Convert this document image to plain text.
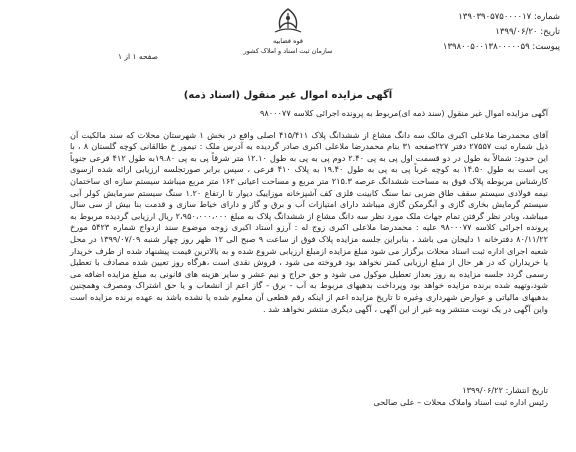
شماره: ۱۳۹۰۳۹۰۵۷۵۰۰۰۰۱۷
تاریخ: ۱۳۹۹/۰۶/۲۰
پیوست: ۱۳۹۸۰۰۵۰۰۱۳۸۰۰۰۰۰۵۹
قوه قضاییه
سازمان ثبت اسناد و املاک کشور
صفحه ۱ از ۱
آگهی مزایده اموال غیر منقول (اسناد ذمه)

آگهی مزایده اموال غیر منقول (سند ذمه ای)مربوط به پرونده اجرائی کلاسه ۹۸۰۰۰۷۷

آقای محمدرضا ملاعلی اکبری مالک سه دانگ مشاع از ششدانگ پلاک ۴۱۵/۴۱۱ اصلی واقع در بخش ۱ شهرستان محلات که سند مالکیت آن ذیل شماره ثبت ۲۷۵۵۷ دفتر ۲۲۷صفحه ۳۱ بنام محمدرضا ملاعلی اکبری صادر گردیده به آدرس ملک : تیمور خ طالقانی کوچه گلستان ۸ ، با این حدود: شمالاً به طول در دو قسمت اول پی به پی ۲.۴۰ دوم پی به پی به طول ۱۲.۱۰ متر شرقاً پی به پی ۱۹.۸۰به طول ۴۱۲ قرعی جنوباً پی است به طول ۱۴.۵۰ به کوچه غرباً پی به پی به طول ۱۹.۴۰ به پلاک ۴۱۰ فرعی ، سپس برابر صورتجلسه ارزیابی ارائه شده ازسوی کارشناس مربوطه پلاک فوق به مساحت ششدانگ عرصه ۲۱۵.۳ متر مربع و مساحت اعیانی ۱۶۲ متر مربع میباشد سیستم سازه ای ساختمان نیمه فولادی سیستم سقف طاق ضربی نما سنگ کابینت فلزی کف آشپزخانه موزاییک دیوار تا ارتفاع ۱.۲۰ سنگ سیستم سرمایش کولر آبی سیستم گرمایش بخاری گازی و آبگرمکن گازی میباشد دارای امتیازات آب و برق و گاز و دارای خیاط سازی و قدمت بنا بیش از سی سال میباشد، وبادر نظر گرفتن تمام جهات ملک مورد نظر سه دانگ مشاع از ششدانگ پلاک به مبلغ ۲،۹۵۰،۰۰۰،۰۰۰ ریال ارزیابی گردیده مربوط به پرونده اجرائی کلاسه ۹۸۰۰۰۷۷ علیه : محمدرضا ملاعلی اکبری زوج له : آرزو استاد اکبری زوجه موضوع سند ازدواج شماره ۵۴۲۳ مورخ ۸۰/۱۱/۲۲ دفترخانه ۱ دلیجان می باشد ، بنابراین جلسه مزایده پلاک فوق از ساعت ۹ صبح الی ۱۲ ظهر روز چهار شنبه ۱۳۹۹/۰۷/۰۹ در محل شعبه اجرای اداره ثبت اسناد محلات برگزار می شود مبلغ مزایده ازمبلغ ارزیابی شروع شده و به بالاترین قیمت پیشنهاد شده از طرف خریدار یا خریداران که در هر حال از مبلغ ارزیابی کمتر نخواهد بود فروخته می شود ، فروش نقدی است ،هرگاه روز تعیین شده مصادف با تعطیل رسمی گردد جلسه مزایده به روز بعداز تعطیل موکول می شود و حق حراج و نیم عشر و سایر هزینه های قانونی به مبلغ مزایده اضافه می شود،وتهیه شده برنده مزایده خواهد بود وپرداخت بدهیهای مربوط به آب - برق - گاز اعم از انشعاب و یا حق اشتراک ومصرف وهمچنین بدهیهای مالیاتی و عوارض شهرداری وغیره تا تاریخ مزایده اعم از اینکه رقم قطعی آن معلوم شده یا نشده باشد به عهده برنده مزایده است واین آگهی در یک نوبت منتشر وبه غیر از این آگهی ، آگهی دیگری منتشر نخواهد شد .

تاریخ انتشار: ۱۳۹۹/۰۶/۲۲
رئیس اداره ثبت اسناد واملاک محلات – علی صالحی
